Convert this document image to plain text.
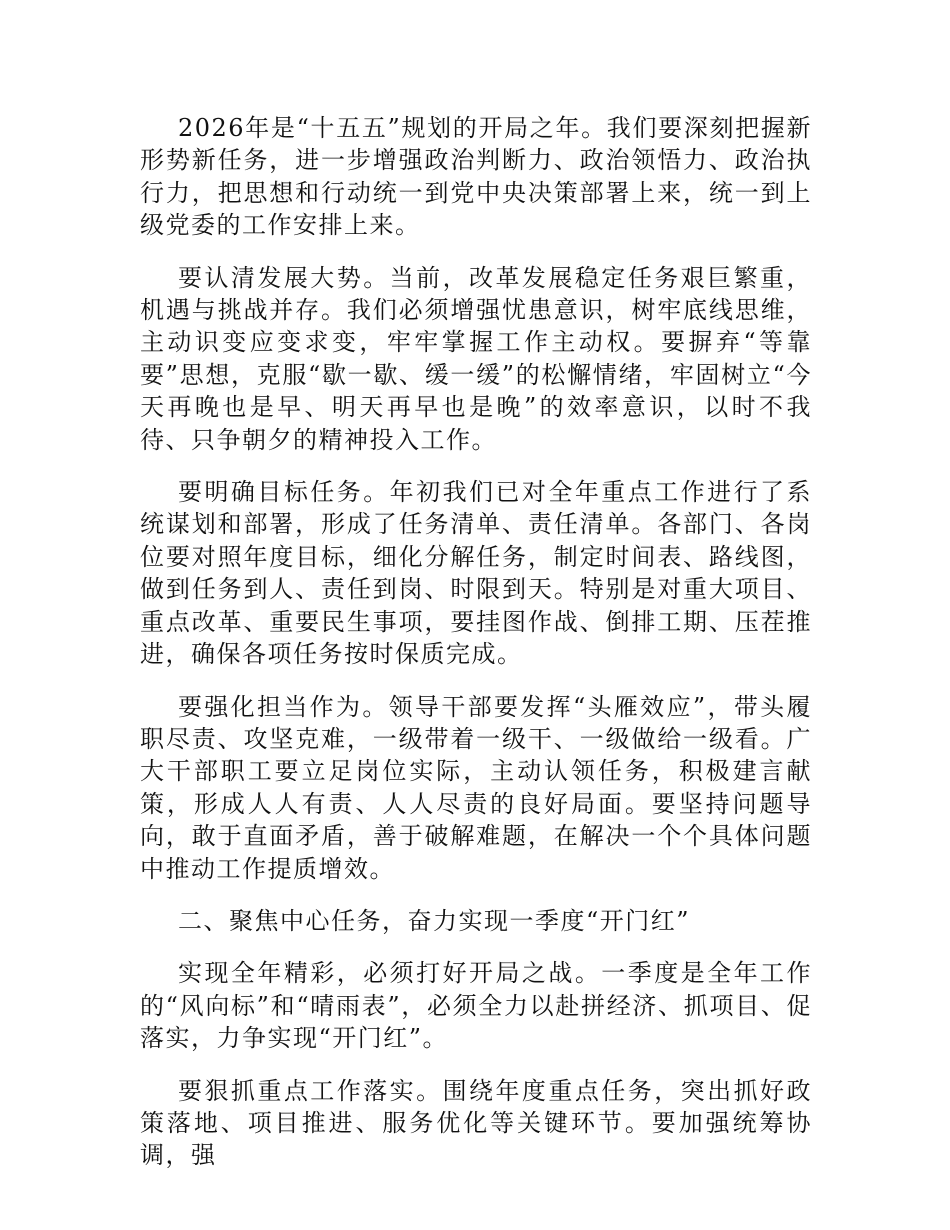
2026年是“十五五”规划的开局之年。我们要深刻把握新形势新任务，进一步增强政治判断力、政治领悟力、政治执行力，把思想和行动统一到党中央决策部署上来，统一到上级党委的工作安排上来。

要认清发展大势。当前，改革发展稳定任务艰巨繁重，机遇与挑战并存。我们必须增强忧患意识，树牢底线思维，主动识变应变求变，牢牢掌握工作主动权。要摒弃“等靠要”思想，克服“歇一歇、缓一缓”的松懈情绪，牢固树立“今天再晚也是早、明天再早也是晚”的效率意识，以时不我待、只争朝夕的精神投入工作。

要明确目标任务。年初我们已对全年重点工作进行了系统谋划和部署，形成了任务清单、责任清单。各部门、各岗位要对照年度目标，细化分解任务，制定时间表、路线图，做到任务到人、责任到岗、时限到天。特别是对重大项目、重点改革、重要民生事项，要挂图作战、倒排工期、压茬推进，确保各项任务按时保质完成。

要强化担当作为。领导干部要发挥“头雁效应”，带头履职尽责、攻坚克难，一级带着一级干、一级做给一级看。广大干部职工要立足岗位实际，主动认领任务，积极建言献策，形成人人有责、人人尽责的良好局面。要坚持问题导向，敢于直面矛盾，善于破解难题，在解决一个个具体问题中推动工作提质增效。

二、聚焦中心任务，奋力实现一季度“开门红”

实现全年精彩，必须打好开局之战。一季度是全年工作的“风向标”和“晴雨表”，必须全力以赴拼经济、抓项目、促落实，力争实现“开门红”。

要狠抓重点工作落实。围绕年度重点任务，突出抓好政策落地、项目推进、服务优化等关键环节。要加强统筹协调，强
